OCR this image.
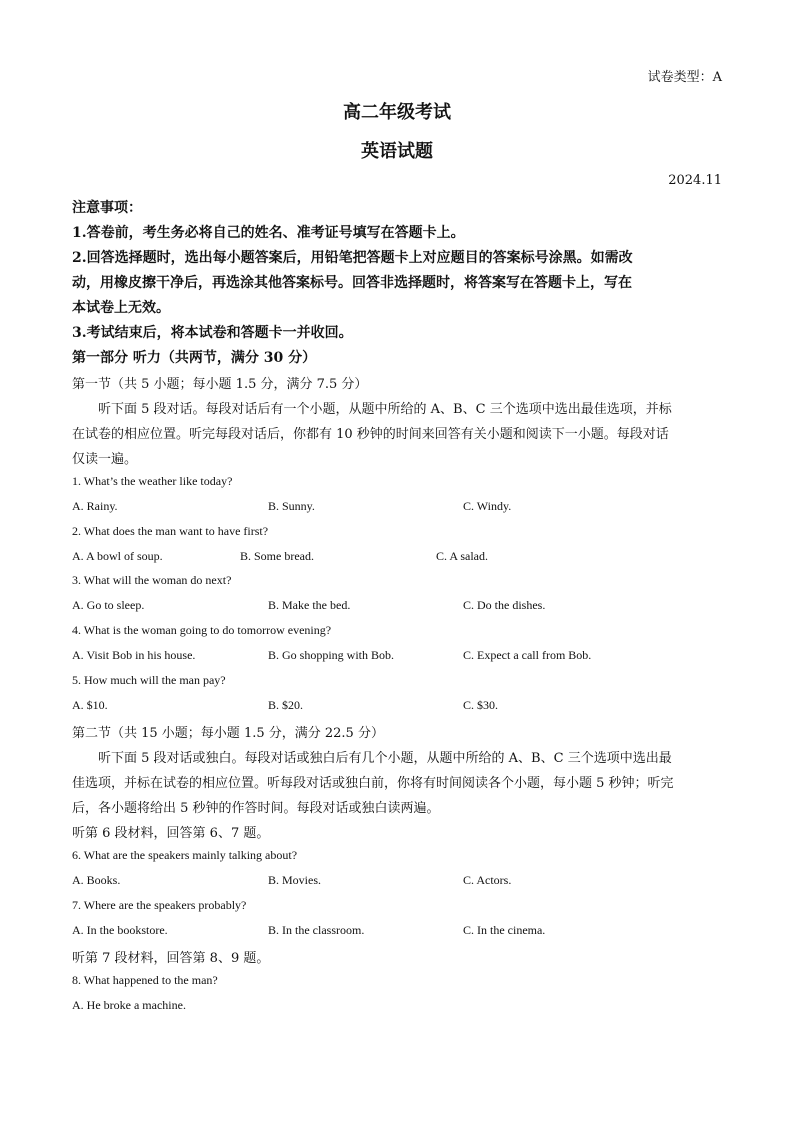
试卷类型：A
高二年级考试
英语试题
2024.11
注意事项：
1.答卷前，考生务必将自己的姓名、准考证号填写在答题卡上。
2.回答选择题时，选出每小题答案后，用铅笔把答题卡上对应题目的答案标号涂黑。如需改
动，用橡皮擦干净后，再选涂其他答案标号。回答非选择题时，将答案写在答题卡上，写在
本试卷上无效。
3.考试结束后，将本试卷和答题卡一并收回。
第一部分 听力（共两节，满分 30 分）
第一节（共 5 小题；每小题 1.5 分，满分 7.5 分）
听下面 5 段对话。每段对话后有一个小题，从题中所给的 A、B、C 三个选项中选出最佳选项，并标
在试卷的相应位置。听完每段对话后，你都有 10 秒钟的时间来回答有关小题和阅读下一小题。每段对话
仅读一遍。
1. What’s the weather like today?
A. Rainy.	B. Sunny.	C. Windy.
2. What does the man want to have first?
A. A bowl of soup.	B. Some bread.	C. A salad.
3. What will the woman do next?
A. Go to sleep.	B. Make the bed.	C. Do the dishes.
4. What is the woman going to do tomorrow evening?
A. Visit Bob in his house.	B. Go shopping with Bob.	C. Expect a call from Bob.
5. How much will the man pay?
A. $10.	B. $20.	C. $30.
第二节（共 15 小题；每小题 1.5 分，满分 22.5 分）
听下面 5 段对话或独白。每段对话或独白后有几个小题，从题中所给的 A、B、C 三个选项中选出最
佳选项，并标在试卷的相应位置。听每段对话或独白前，你将有时间阅读各个小题，每小题 5 秒钟；听完
后，各小题将给出 5 秒钟的作答时间。每段对话或独白读两遍。
听第 6 段材料，回答第 6、7 题。
6. What are the speakers mainly talking about?
A. Books.	B. Movies.	C. Actors.
7. Where are the speakers probably?
A. In the bookstore.	B. In the classroom.	C. In the cinema.
听第 7 段材料，回答第 8、9 题。
8. What happened to the man?
A. He broke a machine.
